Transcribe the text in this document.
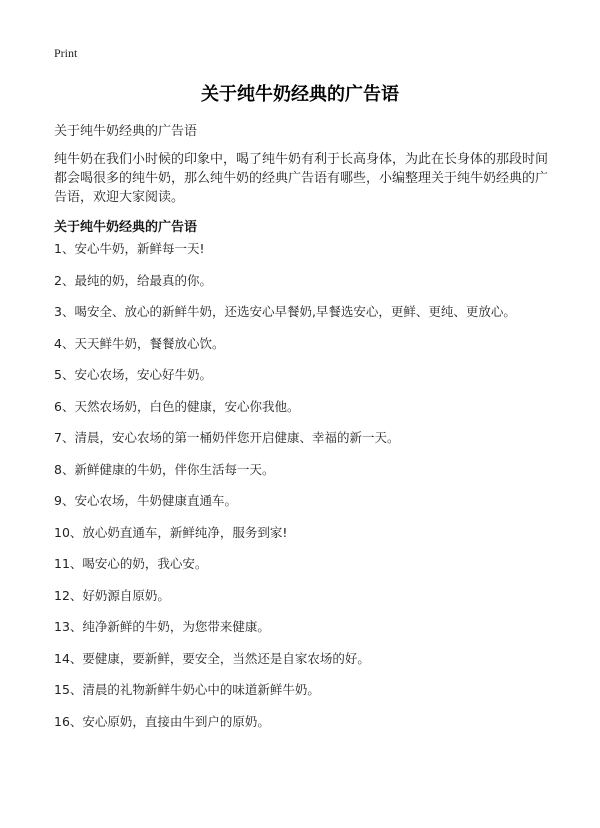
Print
关于纯牛奶经典的广告语
关于纯牛奶经典的广告语
纯牛奶在我们小时候的印象中，喝了纯牛奶有利于长高身体，为此在长身体的那段时间都会喝很多的纯牛奶，那么纯牛奶的经典广告语有哪些，小编整理关于纯牛奶经典的广告语，欢迎大家阅读。
关于纯牛奶经典的广告语
1、安心牛奶，新鲜每一天!
2、最纯的奶，给最真的你。
3、喝安全、放心的新鲜牛奶，还选安心早餐奶,早餐选安心，更鲜、更纯、更放心。
4、天天鲜牛奶，餐餐放心饮。
5、安心农场，安心好牛奶。
6、天然农场奶，白色的健康，安心你我他。
7、清晨，安心农场的第一桶奶伴您开启健康、幸福的新一天。
8、新鲜健康的牛奶，伴你生活每一天。
9、安心农场，牛奶健康直通车。
10、放心奶直通车，新鲜纯净，服务到家!
11、喝安心的奶，我心安。
12、好奶源自原奶。
13、纯净新鲜的牛奶，为您带来健康。
14、要健康，要新鲜，要安全，当然还是自家农场的好。
15、清晨的礼物新鲜牛奶心中的味道新鲜牛奶。
16、安心原奶，直接由牛到户的原奶。
